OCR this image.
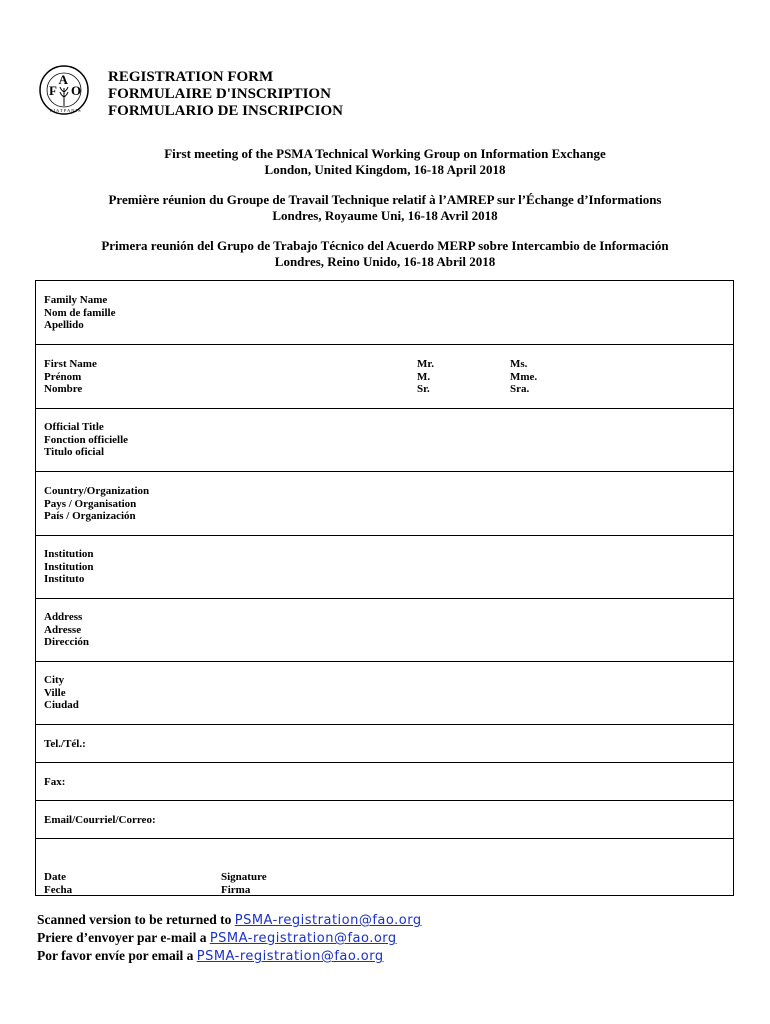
F
A
O
F I A T P A N I S
REGISTRATION FORM
FORMULAIRE D'INSCRIPTION
FORMULARIO DE INSCRIPCION
First meeting of the PSMA Technical Working Group on Information Exchange
London, United Kingdom, 16-18 April 2018
Première réunion du Groupe de Travail Technique relatif à l’AMREP sur l’Échange d’Informations
Londres, Royaume Uni, 16-18 Avril 2018
Primera reunión del Grupo de Trabajo Técnico del Acuerdo MERP sobre Intercambio de Información
Londres, Reino Unido, 16-18 Abril 2018
Family Name
Nom de famille
Apellido
First Name
Prénom
Nombre
Mr.
M.
Sr.
Ms.
Mme.
Sra.
Official Title
Fonction officielle
Titulo oficial
Country/Organization
Pays / Organisation
País / Organización
Institution
Institution
Instituto
Address
Adresse
Dirección
City
Ville
Ciudad
Tel./Tél.:
Fax:
Email/Courriel/Correo:
Date
Fecha
Signature
Firma
Scanned version to be returned to PSMA-registration@fao.org
Priere d’envoyer par e-mail a PSMA-registration@fao.org
Por favor envíe por email a PSMA-registration@fao.org
